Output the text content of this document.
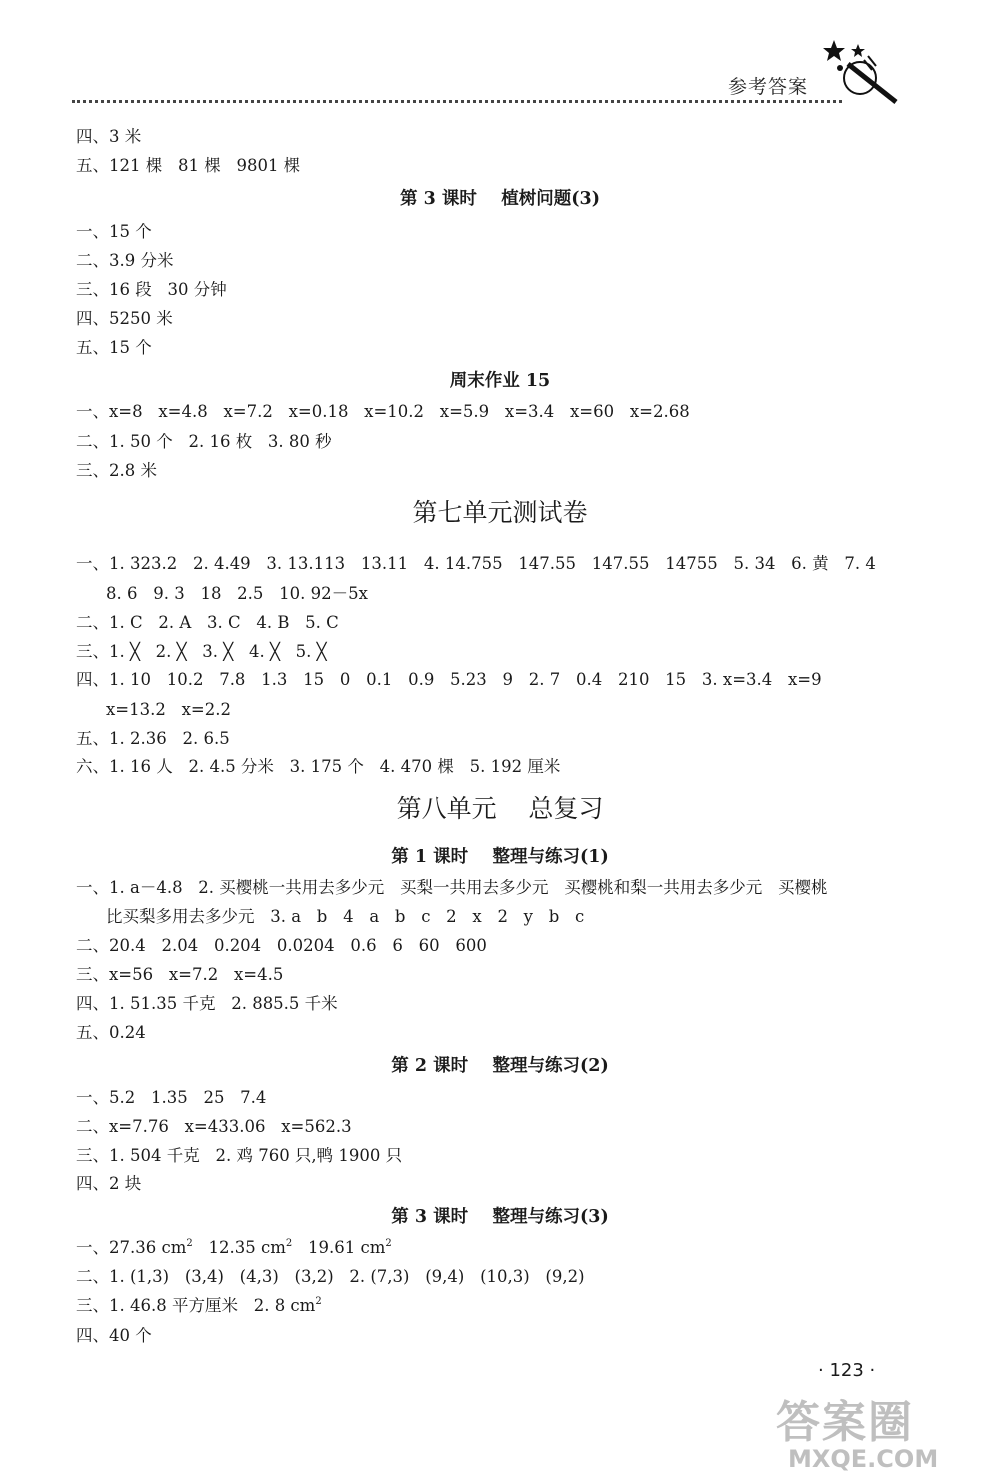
参考答案
四、3 米
五、121 棵   81 棵   9801 棵
第 3 课时    植树问题(3)
一、15 个
二、3.9 分米
三、16 段   30 分钟
四、5250 米
五、15 个
周末作业 15
一、x=8   x=4.8   x=7.2   x=0.18   x=10.2   x=5.9   x=3.4   x=60   x=2.68
二、1. 50 个   2. 16 枚   3. 80 秒
三、2.8 米
第七单元测试卷
一、1. 323.2   2. 4.49   3. 13.113   13.11   4. 14.755   147.55   147.55   14755   5. 34   6. 黄   7. 4
8. 6   9. 3   18   2.5   10. 92－5x
二、1. C   2. A   3. C   4. B   5. C
三、1. ╳   2. ╳   3. ╳   4. ╳   5. ╳
四、1. 10   10.2   7.8   1.3   15   0   0.1   0.9   5.23   9   2. 7   0.4   210   15   3. x=3.4   x=9
x=13.2   x=2.2
五、1. 2.36   2. 6.5
六、1. 16 人   2. 4.5 分米   3. 175 个   4. 470 棵   5. 192 厘米
第八单元    总复习
第 1 课时    整理与练习(1)
一、1. a－4.8   2. 买樱桃一共用去多少元   买梨一共用去多少元   买樱桃和梨一共用去多少元   买樱桃
比买梨多用去多少元   3. a   b   4   a   b   c   2   x   2   y   b   c
二、20.4   2.04   0.204   0.0204   0.6   6   60   600
三、x=56   x=7.2   x=4.5
四、1. 51.35 千克   2. 885.5 千米
五、0.24
第 2 课时    整理与练习(2)
一、5.2   1.35   25   7.4
二、x=7.76   x=433.06   x=562.3
三、1. 504 千克   2. 鸡 760 只,鸭 1900 只
四、2 块
第 3 课时    整理与练习(3)
一、27.36 $cm^2$   12.35 $cm^2$   19.61 $cm^2$
二、1. (1,3)   (3,4)   (4,3)   (3,2)   2. (7,3)   (9,4)   (10,3)   (9,2)
三、1. 46.8 平方厘米   2. 8 $cm^2$
四、40 个
· 123 ·
答案圈
MXQE.COM
